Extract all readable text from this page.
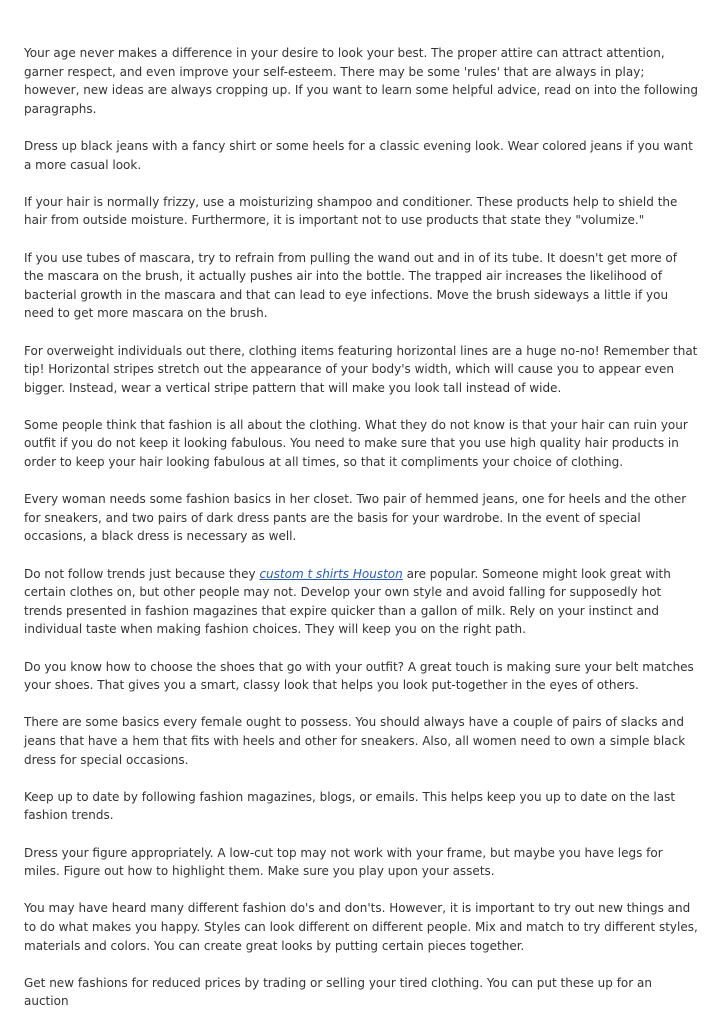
Your age never makes a difference in your desire to look your best. The proper attire can attract attention, garner respect, and even improve your self-esteem. There may be some 'rules' that are always in play; however, new ideas are always cropping up. If you want to learn some helpful advice, read on into the following paragraphs.

Dress up black jeans with a fancy shirt or some heels for a classic evening look. Wear colored jeans if you want a more casual look.

If your hair is normally frizzy, use a moisturizing shampoo and conditioner. These products help to shield the hair from outside moisture. Furthermore, it is important not to use products that state they "volumize."

If you use tubes of mascara, try to refrain from pulling the wand out and in of its tube. It doesn't get more of the mascara on the brush, it actually pushes air into the bottle. The trapped air increases the likelihood of bacterial growth in the mascara and that can lead to eye infections. Move the brush sideways a little if you need to get more mascara on the brush.

For overweight individuals out there, clothing items featuring horizontal lines are a huge no-no! Remember that tip! Horizontal stripes stretch out the appearance of your body's width, which will cause you to appear even bigger. Instead, wear a vertical stripe pattern that will make you look tall instead of wide.

Some people think that fashion is all about the clothing. What they do not know is that your hair can ruin your outfit if you do not keep it looking fabulous. You need to make sure that you use high quality hair products in order to keep your hair looking fabulous at all times, so that it compliments your choice of clothing.

Every woman needs some fashion basics in her closet. Two pair of hemmed jeans, one for heels and the other for sneakers, and two pairs of dark dress pants are the basis for your wardrobe. In the event of special occasions, a black dress is necessary as well.

Do not follow trends just because they custom t shirts Houston are popular. Someone might look great with certain clothes on, but other people may not. Develop your own style and avoid falling for supposedly hot trends presented in fashion magazines that expire quicker than a gallon of milk. Rely on your instinct and individual taste when making fashion choices. They will keep you on the right path.

Do you know how to choose the shoes that go with your outfit? A great touch is making sure your belt matches your shoes. That gives you a smart, classy look that helps you look put-together in the eyes of others.

There are some basics every female ought to possess. You should always have a couple of pairs of slacks and jeans that have a hem that fits with heels and other for sneakers. Also, all women need to own a simple black dress for special occasions.

Keep up to date by following fashion magazines, blogs, or emails. This helps keep you up to date on the last fashion trends.

Dress your figure appropriately. A low-cut top may not work with your frame, but maybe you have legs for miles. Figure out how to highlight them. Make sure you play upon your assets.

You may have heard many different fashion do's and don'ts. However, it is important to try out new things and to do what makes you happy. Styles can look different on different people. Mix and match to try different styles, materials and colors. You can create great looks by putting certain pieces together.

Get new fashions for reduced prices by trading or selling your tired clothing. You can put these up for an auction
